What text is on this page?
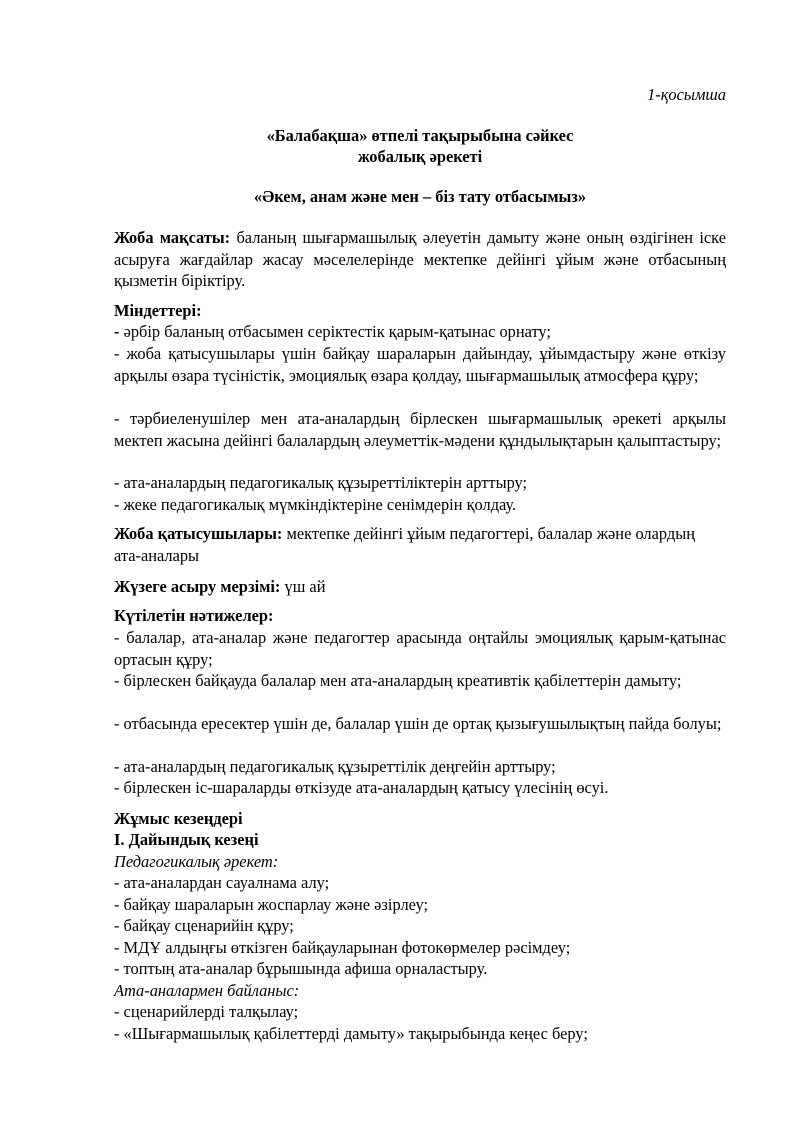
1-қосымша
«Балабақша» өтпелі тақырыбына сәйкес
жобалық әрекеті
«Әкем, анам және мен – біз тату отбасымыз»
Жоба мақсаты: баланың шығармашылық әлеуетін дамыту және оның өздігінен іске асыруға жағдайлар жасау мәселелерінде мектепке дейінгі ұйым және отбасының қызметін біріктіру.
Міндеттері:
- әрбір баланың отбасымен серіктестік қарым-қатынас орнату;
- жоба қатысушылары үшін байқау шараларын дайындау, ұйымдастыру және өткізу арқылы өзара түсіністік, эмоциялық өзара қолдау, шығармашылық атмосфера құру;
- тәрбиеленушілер мен ата-аналардың бірлескен шығармашылық әрекеті арқылы мектеп жасына дейінгі балалардың әлеуметтік-мәдени құндылықтарын қалыптастыру;
- ата-аналардың педагогикалық құзыреттіліктерін арттыру;
- жеке педагогикалық мүмкіндіктеріне сенімдерін қолдау.
Жоба қатысушылары: мектепке дейінгі ұйым педагогтері, балалар және олардың ата-аналары
Жүзеге асыру мерзімі: үш ай
Күтілетін нәтижелер:
- балалар, ата-аналар және педагогтер арасында оңтайлы эмоциялық қарым-қатынас ортасын құру;
- бірлескен байқауда балалар мен ата-аналардың креативтік қабілеттерін дамыту;
- отбасында ересектер үшін де, балалар үшін де ортақ қызығушылықтың пайда болуы;
- ата-аналардың педагогикалық құзыреттілік деңгейін арттыру;
- бірлескен іс-шараларды өткізуде ата-аналардың қатысу үлесінің өсуі.
Жұмыс кезеңдері
I. Дайындық кезеңі
Педагогикалық әрекет:
- ата-аналардан сауалнама алу;
- байқау шараларын жоспарлау және әзірлеу;
- байқау сценарийін құру;
- МДҰ алдыңғы өткізген байқауларынан фотокөрмелер рәсімдеу;
- топтың ата-аналар бұрышында афиша орналастыру.
Ата-аналармен байланыс:
- сценарийлерді талқылау;
- «Шығармашылық қабілеттерді дамыту» тақырыбында кеңес беру;
